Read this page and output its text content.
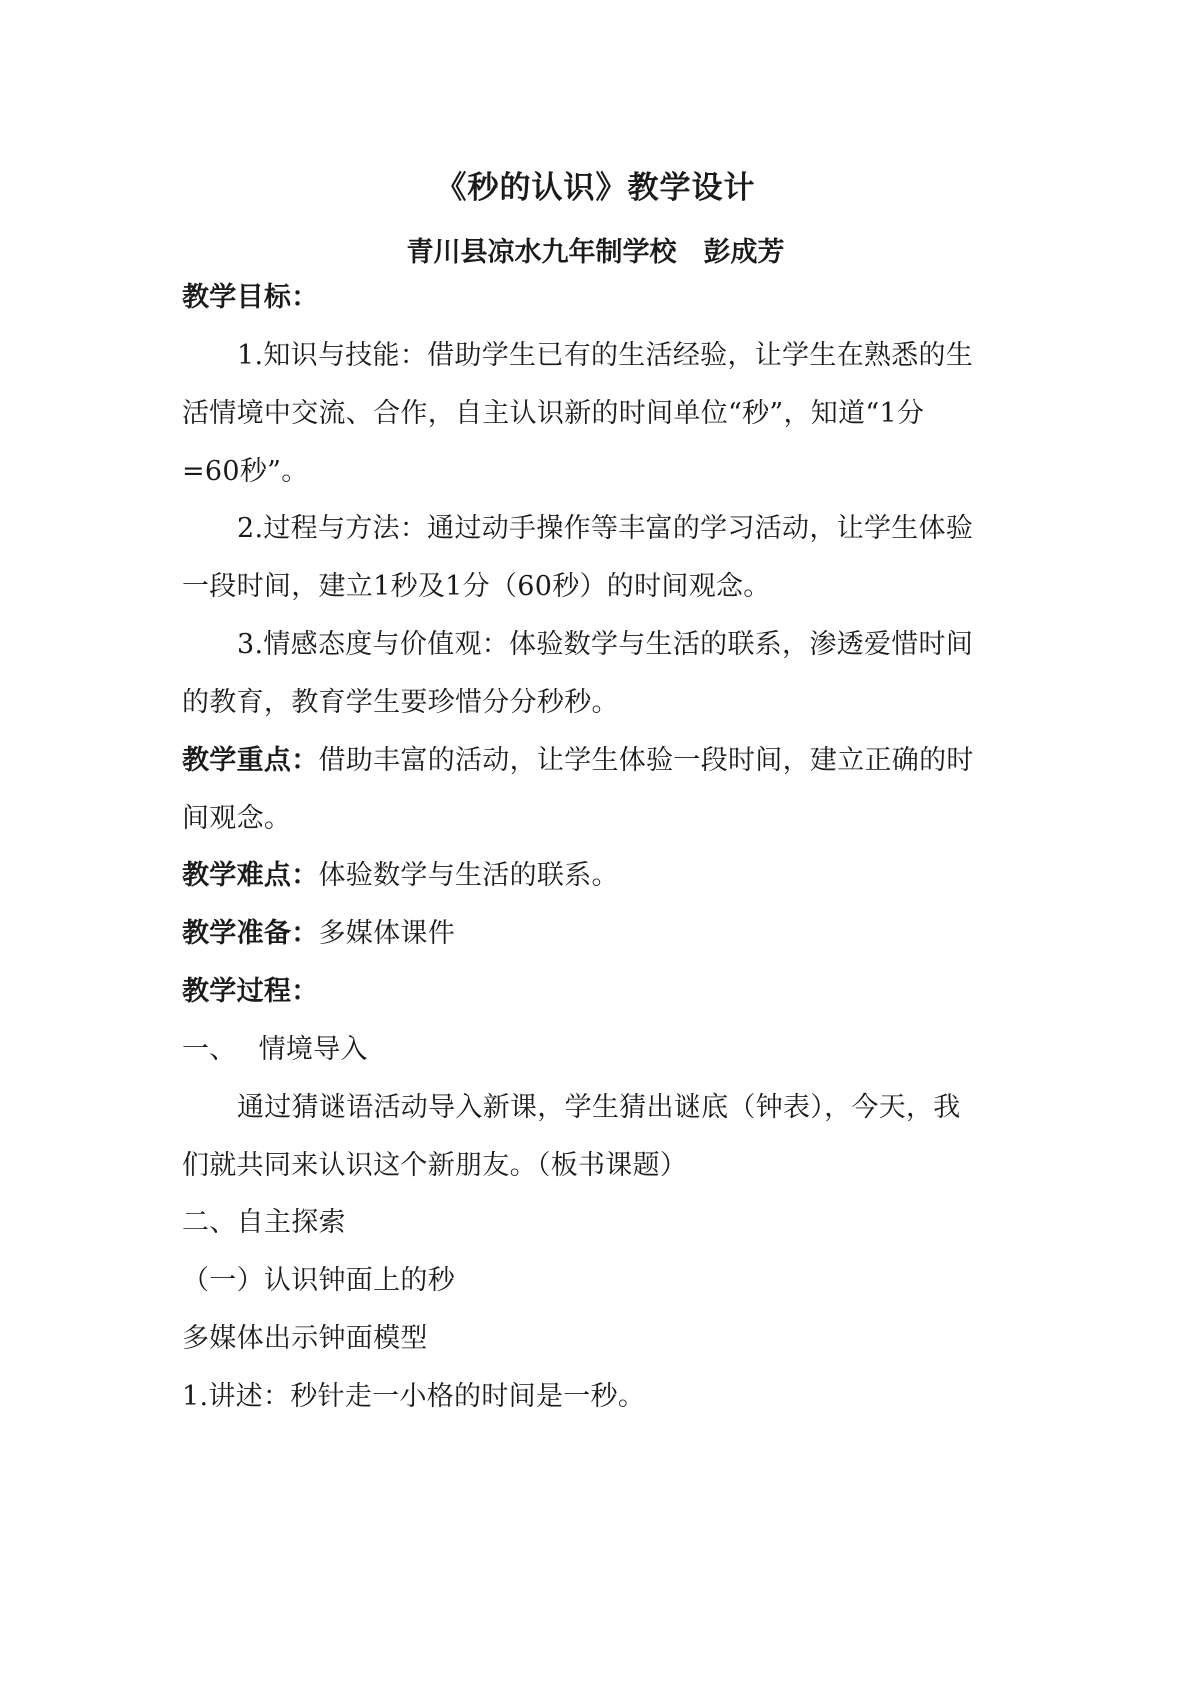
《秒的认识》教学设计
青川县凉水九年制学校　彭成芳
教学目标：
1.知识与技能：借助学生已有的生活经验，让学生在熟悉的生
活情境中交流、合作，自主认识新的时间单位“秒”，知道“1分
=60秒”。
2.过程与方法：通过动手操作等丰富的学习活动，让学生体验
一段时间，建立1秒及1分（60秒）的时间观念。
3.情感态度与价值观：体验数学与生活的联系，渗透爱惜时间
的教育，教育学生要珍惜分分秒秒。
教学重点：借助丰富的活动，让学生体验一段时间，建立正确的时
间观念。
教学难点：体验数学与生活的联系。
教学准备：多媒体课件
教学过程：
一、 情境导入
通过猜谜语活动导入新课，学生猜出谜底（钟表），今天，我
们就共同来认识这个新朋友。（板书课题）
二、自主探索
（一）认识钟面上的秒
多媒体出示钟面模型
1.讲述：秒针走一小格的时间是一秒。
